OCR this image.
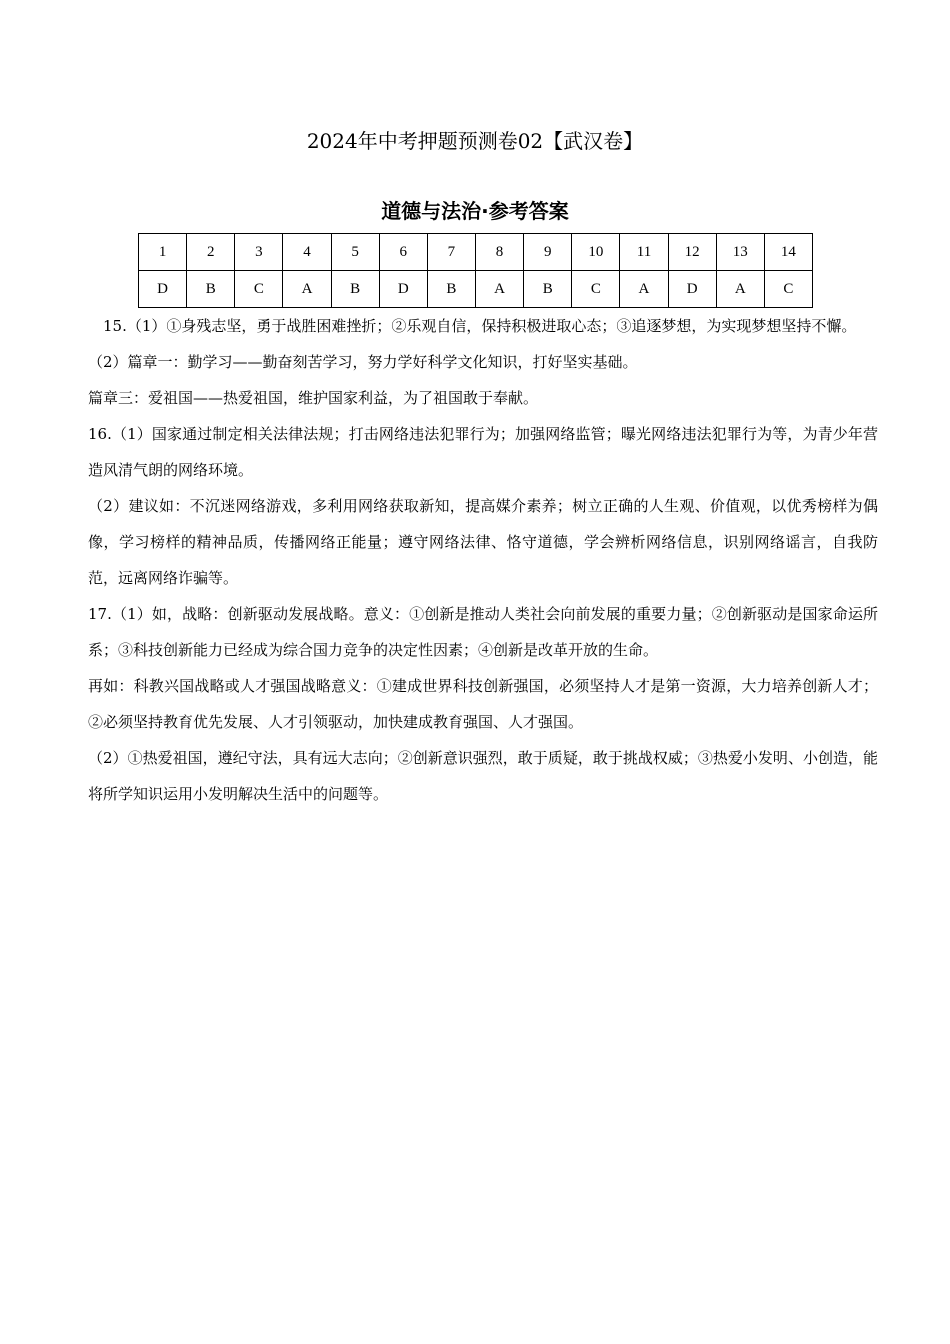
2024年中考押题预测卷02【武汉卷】
道德与法治·参考答案
1	2	3	4	5	6	7	8	9	10	11	12	13	14
D	B	C	A	B	D	B	A	B	C	A	D	A	C

15.（1）①身残志坚，勇于战胜困难挫折；②乐观自信，保持积极进取心态；③追逐梦想，为实现梦想坚持不懈。

（2）篇章一：勤学习——勤奋刻苦学习，努力学好科学文化知识，打好坚实基础。

篇章三：爱祖国——热爱祖国，维护国家利益，为了祖国敢于奉献。

16.（1）国家通过制定相关法律法规；打击网络违法犯罪行为；加强网络监管；曝光网络违法犯罪行为等，为青少年营造风清气朗的网络环境。

（2）建议如：不沉迷网络游戏，多利用网络获取新知，提高媒介素养；树立正确的人生观、价值观，以优秀榜样为偶像，学习榜样的精神品质，传播网络正能量；遵守网络法律、恪守道德，学会辨析网络信息，识别网络谣言，自我防范，远离网络诈骗等。

17.（1）如，战略：创新驱动发展战略。意义：①创新是推动人类社会向前发展的重要力量；②创新驱动是国家命运所系；③科技创新能力已经成为综合国力竞争的决定性因素；④创新是改革开放的生命。

再如：科教兴国战略或人才强国战略意义：①建成世界科技创新强国，必须坚持人才是第一资源，大力培养创新人才；②必须坚持教育优先发展、人才引领驱动，加快建成教育强国、人才强国。

（2）①热爱祖国，遵纪守法，具有远大志向；②创新意识强烈，敢于质疑，敢于挑战权威；③热爱小发明、小创造，能将所学知识运用小发明解决生活中的问题等。
